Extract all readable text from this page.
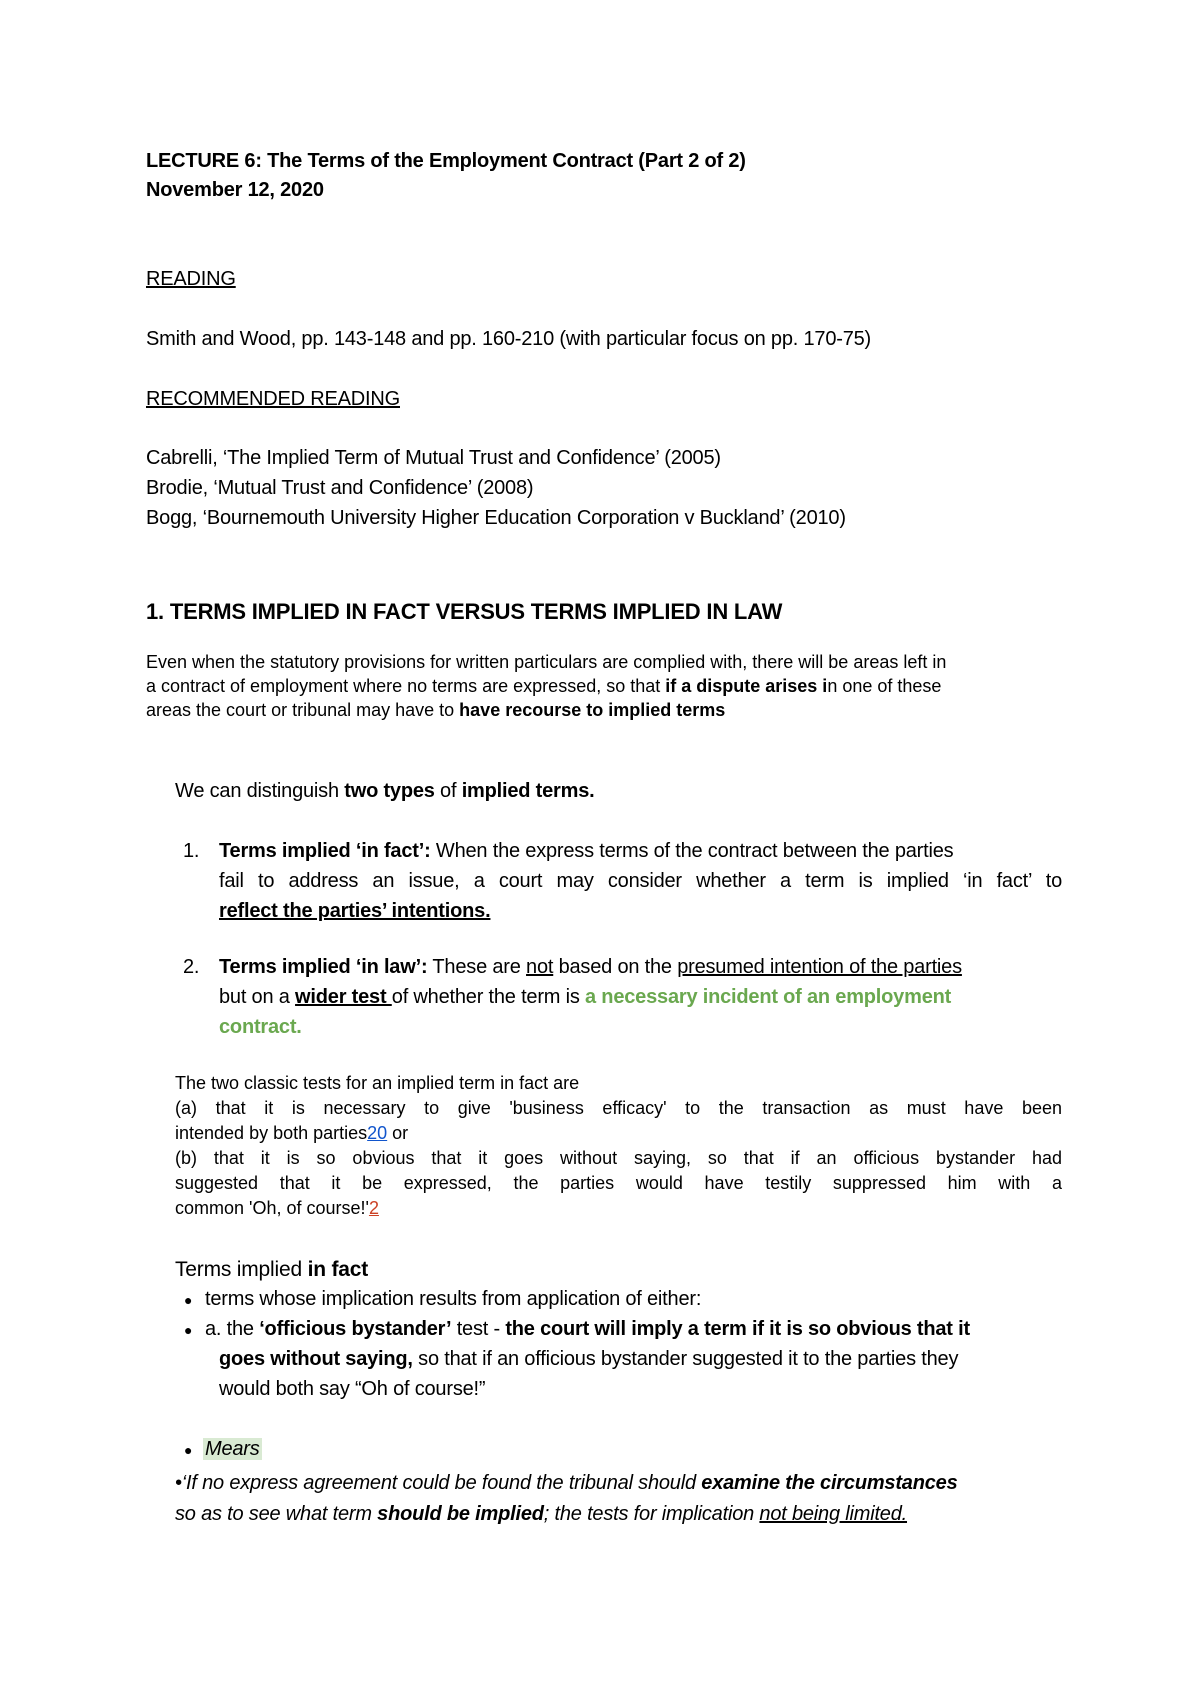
LECTURE 6: The Terms of the Employment Contract (Part 2 of 2)
November 12, 2020
READING
Smith and Wood, pp. 143-148 and pp. 160-210 (with particular focus on pp. 170-75)
RECOMMENDED READING
Cabrelli, ‘The Implied Term of Mutual Trust and Confidence’ (2005)
Brodie, ‘Mutual Trust and Confidence’ (2008)
Bogg, ‘Bournemouth University Higher Education Corporation v Buckland’ (2010)
1. TERMS IMPLIED IN FACT VERSUS TERMS IMPLIED IN LAW
Even when the statutory provisions for written particulars are complied with, there will be areas left in
a contract of employment where no terms are expressed, so that if a dispute arises in one of these
areas the court or tribunal may have to have recourse to implied terms
We can distinguish two types of implied terms.
1. Terms implied ‘in fact’: When the express terms of the contract between the parties
fail to address an issue, a court may consider whether a term is implied ‘in fact’ to
reflect the parties’ intentions.
2. Terms implied ‘in law’: These are not based on the presumed intention of the parties
but on a wider test of whether the term is a necessary incident of an employment
contract.
The two classic tests for an implied term in fact are
(a) that it is necessary to give 'business efficacy' to the transaction as must have been
intended by both parties20 or
(b) that it is so obvious that it goes without saying, so that if an officious bystander had
suggested that it be expressed, the parties would have testily suppressed him with a
common 'Oh, of course!'2
Terms implied in fact
● terms whose implication results from application of either:
● a. the ‘officious bystander’ test - the court will imply a term if it is so obvious that it
goes without saying, so that if an officious bystander suggested it to the parties they
would both say “Oh of course!”
● Mears
•‘If no express agreement could be found the tribunal should examine the circumstances
so as to see what term should be implied; the tests for implication not being limited.
